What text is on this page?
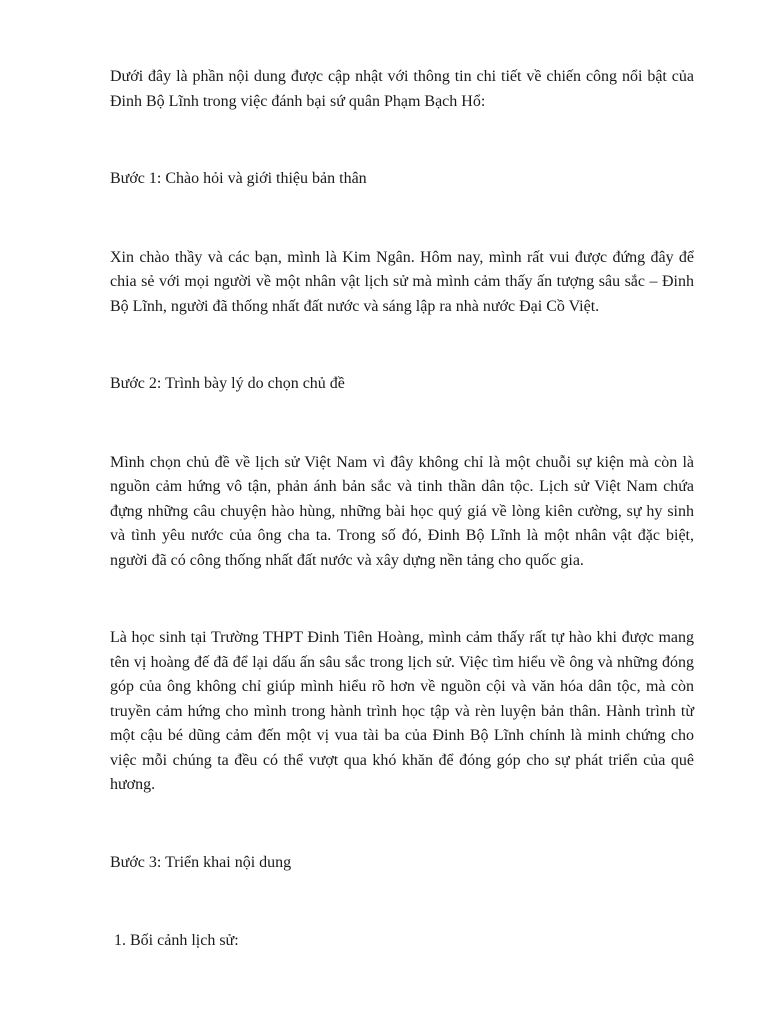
Dưới đây là phần nội dung được cập nhật với thông tin chi tiết về chiến công nổi bật của Đinh Bộ Lĩnh trong việc đánh bại sứ quân Phạm Bạch Hổ:

Bước 1: Chào hỏi và giới thiệu bản thân

Xin chào thầy và các bạn, mình là Kim Ngân. Hôm nay, mình rất vui được đứng đây để chia sẻ với mọi người về một nhân vật lịch sử mà mình cảm thấy ấn tượng sâu sắc – Đinh Bộ Lĩnh, người đã thống nhất đất nước và sáng lập ra nhà nước Đại Cồ Việt.

Bước 2: Trình bày lý do chọn chủ đề

Mình chọn chủ đề về lịch sử Việt Nam vì đây không chỉ là một chuỗi sự kiện mà còn là nguồn cảm hứng vô tận, phản ánh bản sắc và tinh thần dân tộc. Lịch sử Việt Nam chứa đựng những câu chuyện hào hùng, những bài học quý giá về lòng kiên cường, sự hy sinh và tình yêu nước của ông cha ta. Trong số đó, Đinh Bộ Lĩnh là một nhân vật đặc biệt, người đã có công thống nhất đất nước và xây dựng nền tảng cho quốc gia.

Là học sinh tại Trường THPT Đinh Tiên Hoàng, mình cảm thấy rất tự hào khi được mang tên vị hoàng đế đã để lại dấu ấn sâu sắc trong lịch sử. Việc tìm hiểu về ông và những đóng góp của ông không chỉ giúp mình hiểu rõ hơn về nguồn cội và văn hóa dân tộc, mà còn truyền cảm hứng cho mình trong hành trình học tập và rèn luyện bản thân. Hành trình từ một cậu bé dũng cảm đến một vị vua tài ba của Đinh Bộ Lĩnh chính là minh chứng cho việc mỗi chúng ta đều có thể vượt qua khó khăn để đóng góp cho sự phát triển của quê hương.

Bước 3: Triển khai nội dung

1. Bối cảnh lịch sử:
